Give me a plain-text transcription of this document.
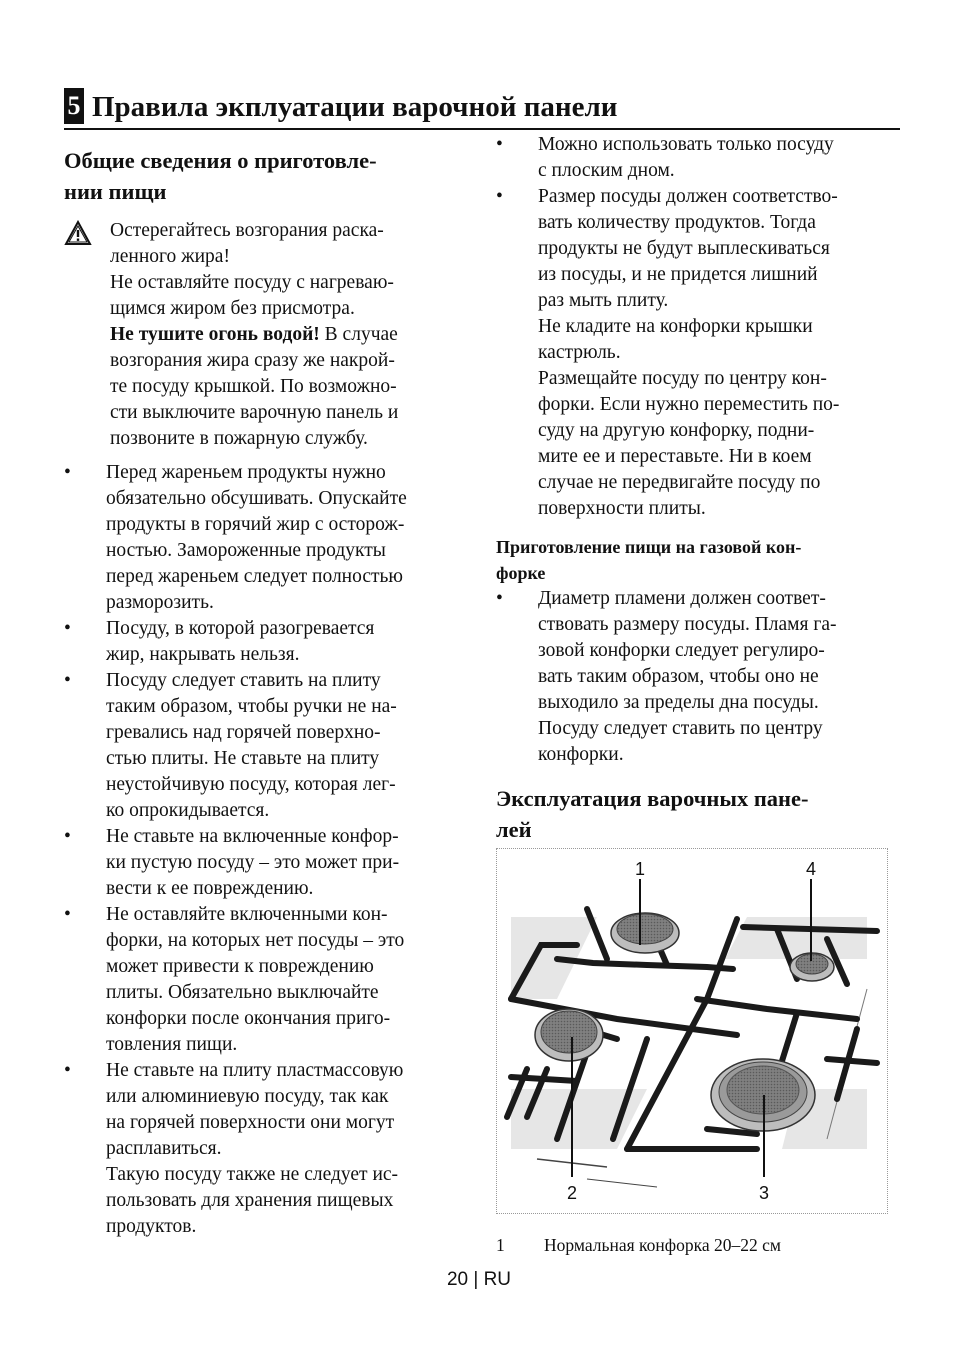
5 Правила экплуатации варочной панели
Общие сведения о приготовле-
нии пищи
Остерегайтесь возгорания раска-
ленного жира!
Не оставляйте посуду с нагреваю-
щимся жиром без присмотра.
Не тушите огонь водой! В случае
возгорания жира сразу же накрой-
те посуду крышкой. По возможно-
сти выключите варочную панель и
позвоните в пожарную службу.
• Перед жареньем продукты нужно
обязательно обсушивать. Опускайте
продукты в горячий жир с осторож-
ностью. Замороженные продукты
перед жареньем следует полностью
разморозить.
• Посуду, в которой разогревается
жир, накрывать нельзя.
• Посуду следует ставить на плиту
таким образом, чтобы ручки не на-
гревались над горячей поверхно-
стью плиты. Не ставьте на плиту
неустойчивую посуду, которая лег-
ко опрокидывается.
• Не ставьте на включенные конфор-
ки пустую посуду – это может при-
вести к ее повреждению.
• Не оставляйте включенными кон-
форки, на которых нет посуды – это
может привести к повреждению
плиты. Обязательно выключайте
конфорки после окончания приго-
товления пищи.
• Не ставьте на плиту пластмассовую
или алюминиевую посуду, так как
на горячей поверхности они могут
расплавиться.
Такую посуду также не следует ис-
пользовать для хранения пищевых
продуктов.
• Можно использовать только посуду
с плоским дном.
• Размер посуды должен соответство-
вать количеству продуктов. Тогда
продукты не будут выплескиваться
из посуды, и не придется лишний
раз мыть плиту.
Не кладите на конфорки крышки
кастрюль.
Размещайте посуду по центру кон-
форки. Если нужно переместить по-
суду на другую конфорку, подни-
мите ее и переставьте. Ни в коем
случае не передвигайте посуду по
поверхности плиты.
Приготовление пищи на газовой кон-
форке
• Диаметр пламени должен соответ-
ствовать размеру посуды. Пламя га-
зовой конфорки следует регулиро-
вать таким образом, чтобы оно не
выходило за пределы дна посуды.
Посуду следует ставить по центру
конфорки.
Эксплуатация варочных пане-
лей
1	4
2	3
1 Нормальная конфорка 20–22 см
20 | RU
